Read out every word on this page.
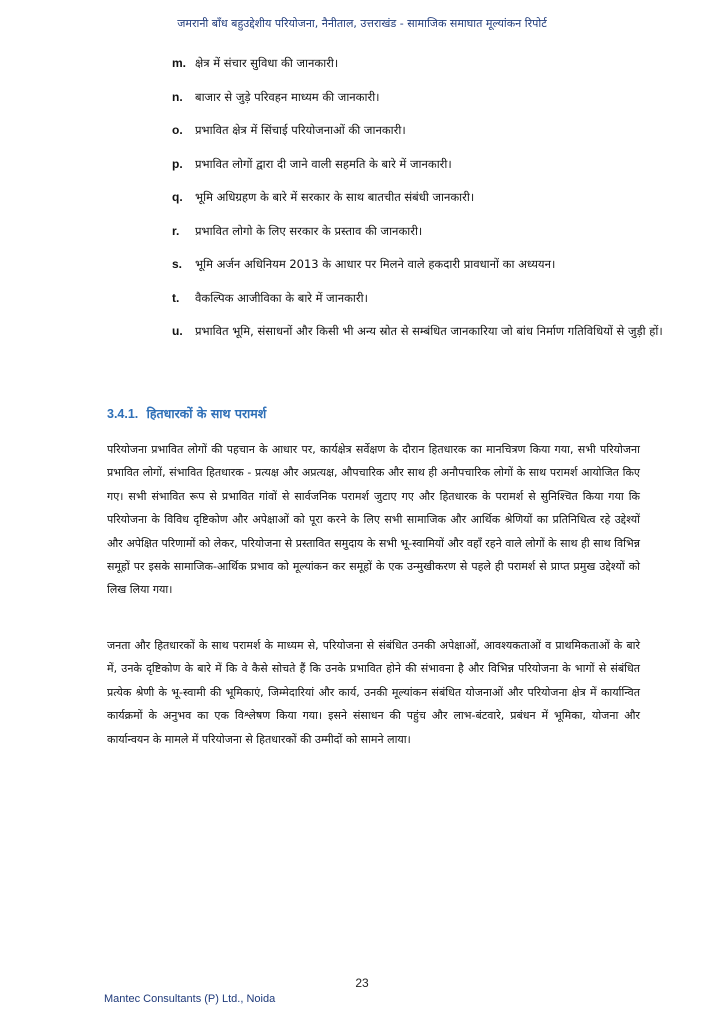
जमरानी बाँध बहुउद्देशीय परियोजना, नैनीताल, उत्तराखंड - सामाजिक समाघात मूल्यांकन रिपोर्ट
m. क्षेत्र में संचार सुविधा की जानकारी।
n.	बाजार से जुड़े परिवहन माध्यम की जानकारी।
o.	प्रभावित क्षेत्र में सिंचाई परियोजनाओं की जानकारी।
p.	प्रभावित लोगों द्वारा दी जाने वाली सहमति के बारे में जानकारी।
q.	भूमि अधिग्रहण के बारे में सरकार के साथ बातचीत संबंधी जानकारी।
r.	प्रभावित लोगो के लिए सरकार के प्रस्ताव की जानकारी।
s.	भूमि अर्जन अधिनियम 2013 के आधार पर मिलने वाले हकदारी प्रावधानों का अध्ययन।
t.	वैकल्पिक आजीविका के बारे में जानकारी।
u.	प्रभावित भूमि, संसाधनों और किसी भी अन्य स्रोत से सम्बंधित जानकारिया जो बांध निर्माण गतिविधियों से जुड़ी हों।
3.4.1. हितधारकों के साथ परामर्श

परियोजना प्रभावित लोगों की पहचान के आधार पर, कार्यक्षेत्र सर्वेक्षण के दौरान हितधारक का मानचित्रण किया गया, सभी परियोजना प्रभावित लोगों, संभावित हितधारक - प्रत्यक्ष और अप्रत्यक्ष, औपचारिक और साथ ही अनौपचारिक लोगों के साथ परामर्श आयोजित किए गए। सभी संभावित रूप से प्रभावित गांवों से सार्वजनिक परामर्श जुटाए गए और हितधारक के परामर्श से सुनिश्चित किया गया कि परियोजना के विविध दृष्टिकोण और अपेक्षाओं को पूरा करने के लिए सभी सामाजिक और आर्थिक श्रेणियों का प्रतिनिधित्व रहे उद्देश्यों और अपेक्षित परिणामों को लेकर, परियोजना से प्रस्तावित समुदाय के सभी भू-स्वामियों और वहाँ रहने वाले लोगों के साथ ही साथ विभिन्न समूहों पर इसके सामाजिक-आर्थिक प्रभाव को मूल्यांकन कर समूहों के एक उन्मुखीकरण से पहले ही परामर्श से प्राप्त प्रमुख उद्देश्यों को लिख लिया गया।

जनता और हितधारकों के साथ परामर्श के माध्यम से, परियोजना से संबंधित उनकी अपेक्षाओं, आवश्यकताओं व प्राथमिकताओं के बारे में, उनके दृष्टिकोण के बारे में कि वे कैसे सोचते हैं कि उनके प्रभावित होने की संभावना है और विभिन्न परियोजना के भागों से संबंधित प्रत्येक श्रेणी के भू-स्वामी की भूमिकाएं, जिम्मेदारियां और कार्य, उनकी मूल्यांकन संबंधित योजनाओं और परियोजना क्षेत्र में कार्यान्वित कार्यक्रमों के अनुभव का एक विश्लेषण किया गया। इसने संसाधन की पहुंच और लाभ-बंटवारे, प्रबंधन में भूमिका, योजना और कार्यान्वयन के मामले में परियोजना से हितधारकों की उम्मीदों को सामने लाया।

23
Mantec Consultants (P) Ltd., Noida
